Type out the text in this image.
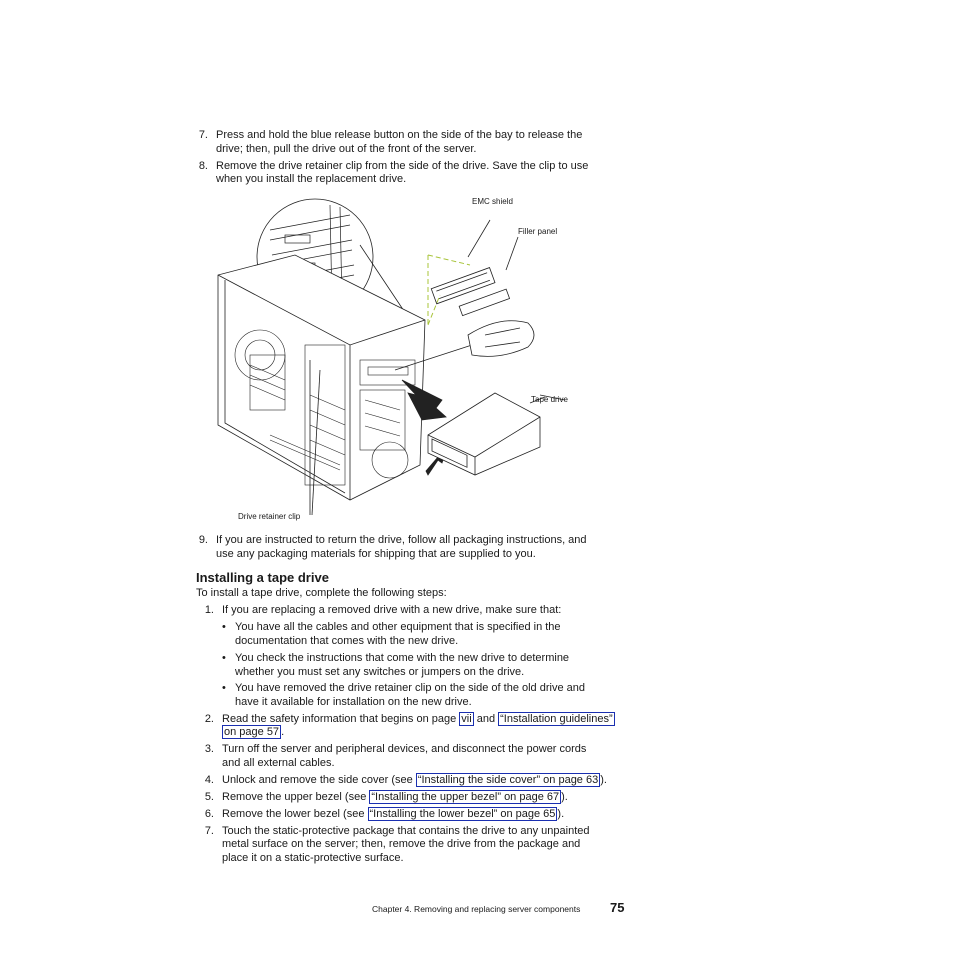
7. Press and hold the blue release button on the side of the bay to release the
drive; then, pull the drive out of the front of the server.
8. Remove the drive retainer clip from the side of the drive. Save the clip to use
when you install the replacement drive.
EMC shield
Filler panel
Tape drive
Drive retainer clip
9. If you are instructed to return the drive, follow all packaging instructions, and
use any packaging materials for shipping that are supplied to you.
Installing a tape drive
To install a tape drive, complete the following steps:
1. If you are replacing a removed drive with a new drive, make sure that:
• You have all the cables and other equipment that is specified in the
documentation that comes with the new drive.
• You check the instructions that come with the new drive to determine
whether you must set any switches or jumpers on the drive.
• You have removed the drive retainer clip on the side of the old drive and
have it available for installation on the new drive.
2. Read the safety information that begins on page vii and “Installation guidelines”
on page 57 .
3. Turn off the server and peripheral devices, and disconnect the power cords
and all external cables.
4. Unlock and remove the side cover (see “Installing the side cover” on page 63 ).
5. Remove the upper bezel (see “Installing the upper bezel” on page 67 ).
6. Remove the lower bezel (see “Installing the lower bezel” on page 65 ).
7. Touch the static-protective package that contains the drive to any unpainted
metal surface on the server; then, remove the drive from the package and
place it on a static-protective surface.
Chapter 4. Removing and replacing server components 75
